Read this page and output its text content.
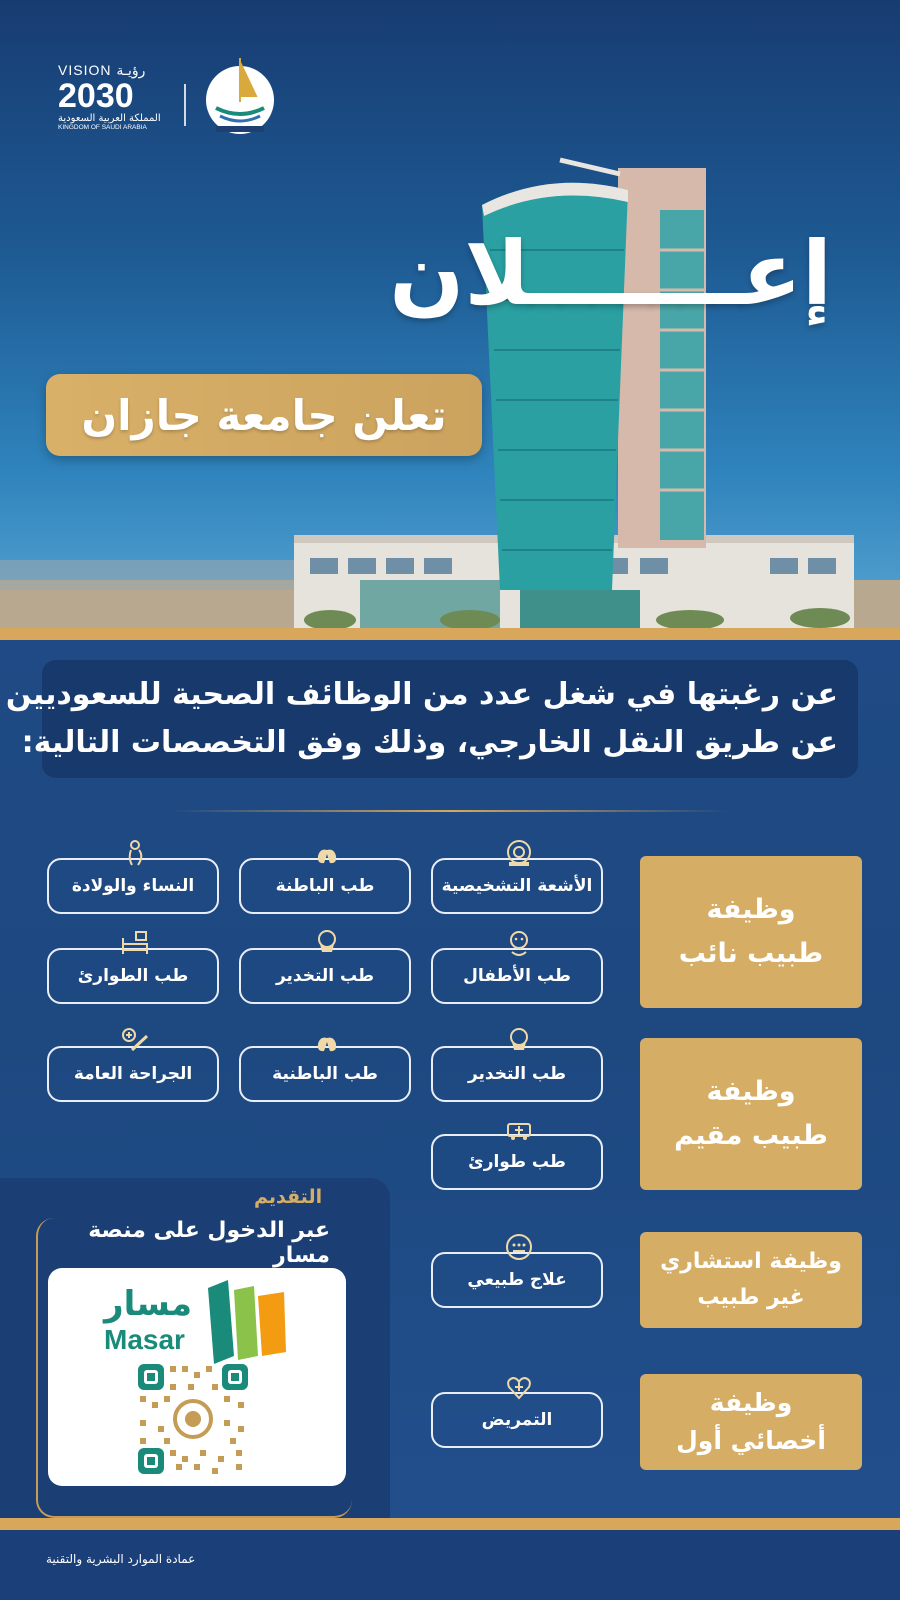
VISION رؤيـة
2030
المملكة العربية السعودية
KINGDOM OF SAUDI ARABIA
إعـــــــلان
تعلن جامعة جازان
عن رغبتها في شغل عدد من الوظائف الصحية للسعوديين
عن طريق النقل الخارجي، وذلك وفق التخصصات التالية:
وظيفة
طبيب نائب
وظيفة
طبيب مقيم
وظيفة استشاري
غير طبيب
وظيفة
أخصائي أول
الأشعة التشخيصية
طب الباطنة
النساء والولادة
طب الأطفال
طب التخدير
طب الطوارئ
طب التخدير
طب الباطنية
الجراحة العامة
طب طوارئ
علاج طبيعي
التمريض
التقديم
عبر الدخول على منصة مسار
مسار
Masar
عمادة الموارد البشرية والتقنية
